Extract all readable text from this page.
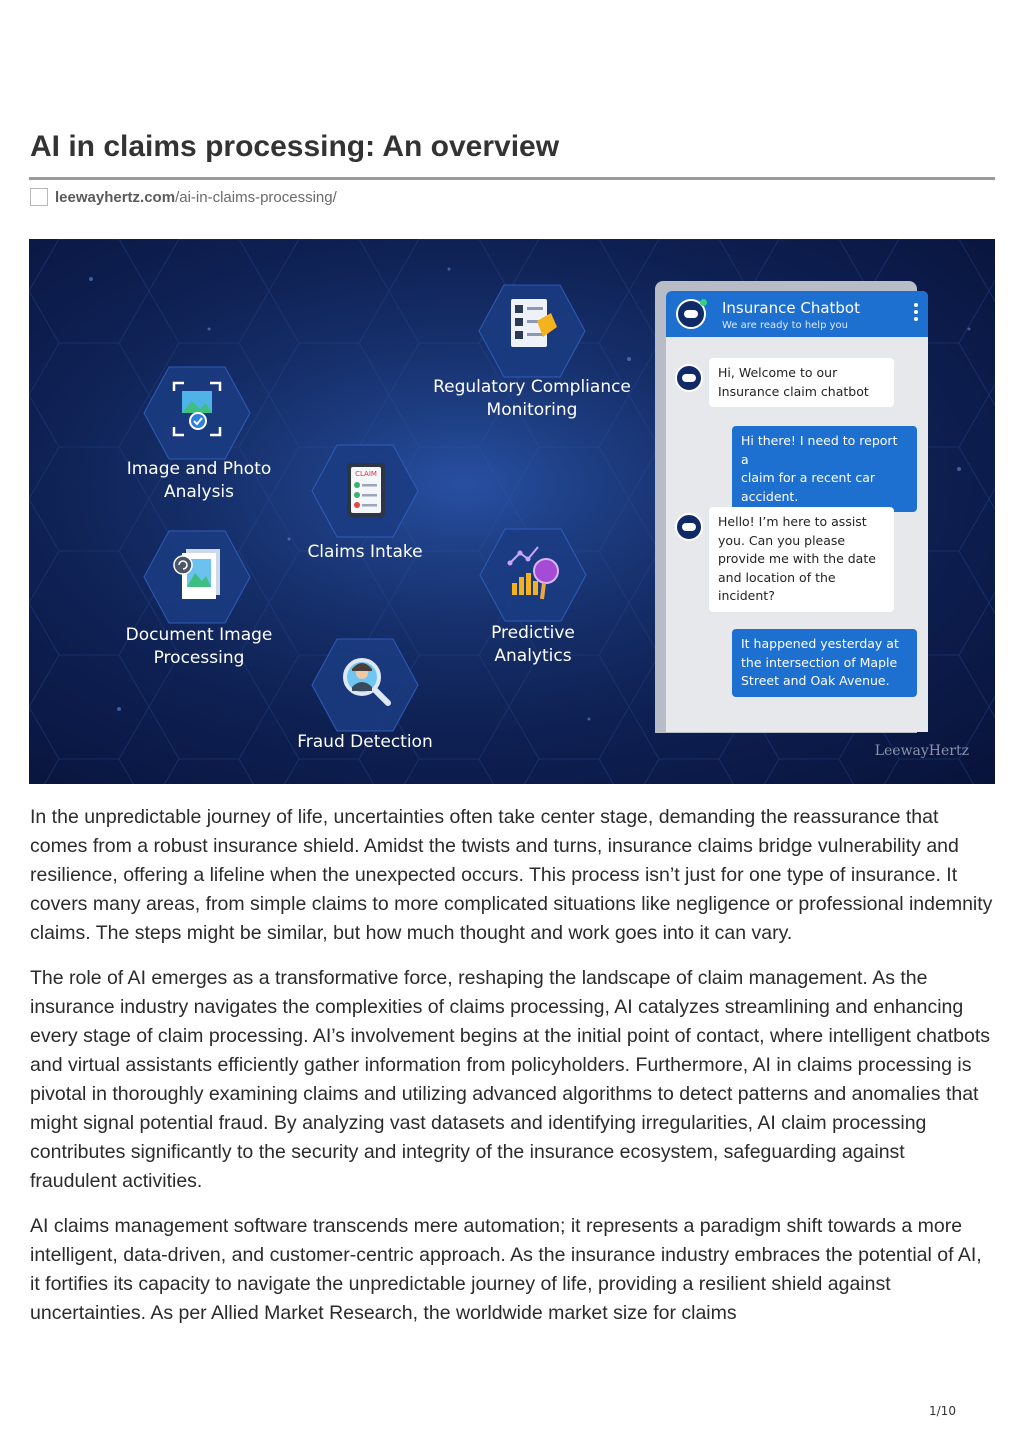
AI in claims processing: An overview
leewayhertz.com /ai-in-claims-processing/
Regulatory Compliance
Monitoring
Image and Photo
Analysis
CLAIM
Claims Intake
Document Image
Processing
Predictive
Analytics
Fraud Detection
Insurance Chatbot
We are ready to help you
Hi, Welcome to our
Insurance claim chatbot
Hi there! I need to report a
claim for a recent car
accident.
Hello! I’m here to assist
you. Can you please
provide me with the date
and location of the
incident?
It happened yesterday at
the intersection of Maple
Street and Oak Avenue.
LeewayHertz

In the unpredictable journey of life, uncertainties often take center stage, demanding the reassurance that comes from a robust insurance shield. Amidst the twists and turns, insurance claims bridge vulnerability and resilience, offering a lifeline when the unexpected occurs. This process isn’t just for one type of insurance. It covers many areas, from simple claims to more complicated situations like negligence or professional indemnity claims. The steps might be similar, but how much thought and work goes into it can vary.

The role of AI emerges as a transformative force, reshaping the landscape of claim management. As the insurance industry navigates the complexities of claims processing, AI catalyzes streamlining and enhancing every stage of claim processing. AI’s involvement begins at the initial point of contact, where intelligent chatbots and virtual assistants efficiently gather information from policyholders. Furthermore, AI in claims processing is pivotal in thoroughly examining claims and utilizing advanced algorithms to detect patterns and anomalies that might signal potential fraud. By analyzing vast datasets and identifying irregularities, AI claim processing contributes significantly to the security and integrity of the insurance ecosystem, safeguarding against fraudulent activities.

AI claims management software transcends mere automation; it represents a paradigm shift towards a more intelligent, data-driven, and customer-centric approach. As the insurance industry embraces the potential of AI, it fortifies its capacity to navigate the unpredictable journey of life, providing a resilient shield against uncertainties. As per Allied Market Research, the worldwide market size for claims

1/10
